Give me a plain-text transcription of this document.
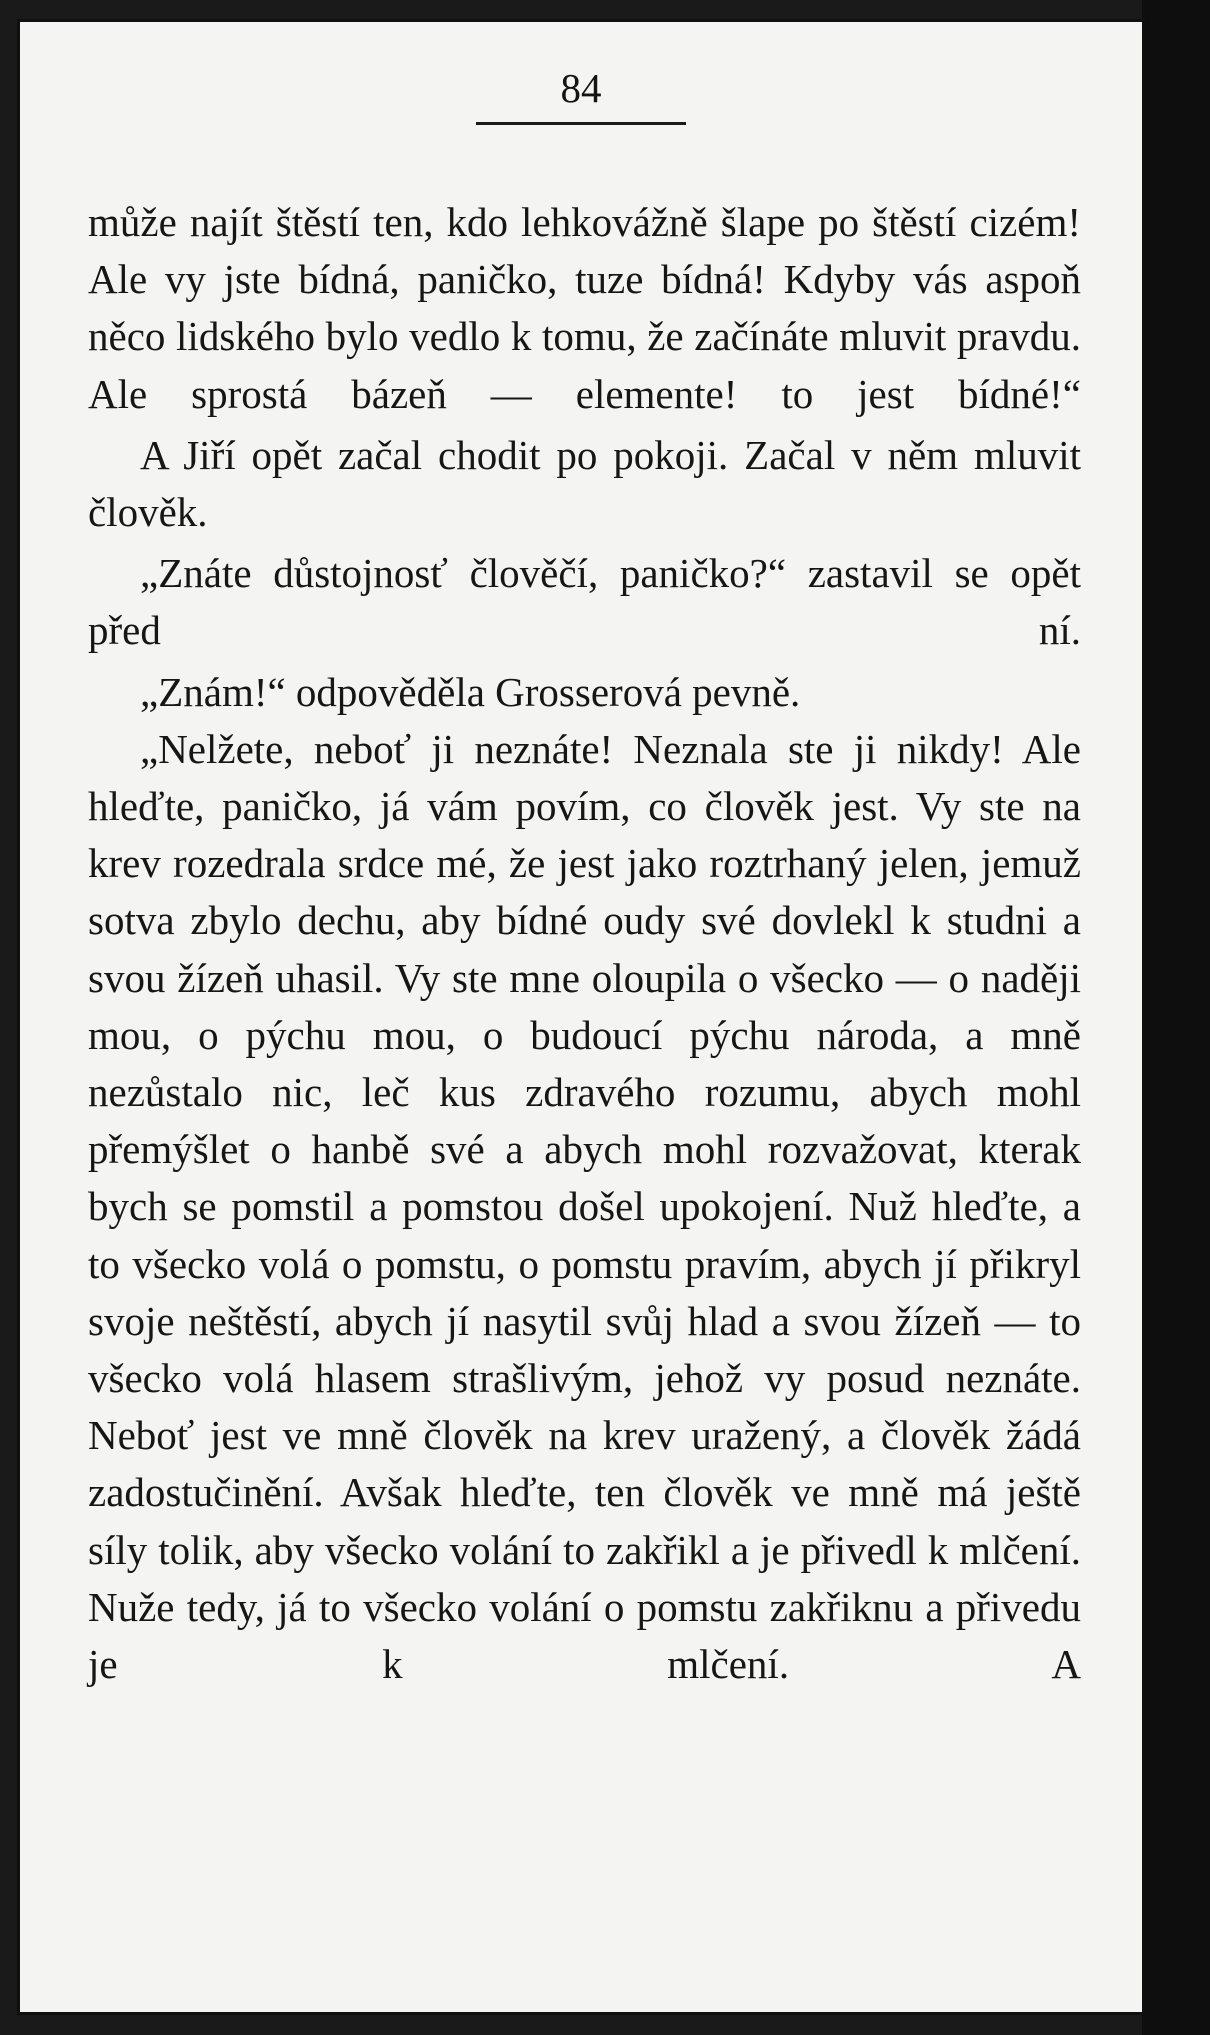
84

může najít štěstí ten, kdo lehkovážně šlape po štěstí cizém! Ale vy jste bídná, paničko, tuze bídná! Kdyby vás aspoň něco lidského bylo vedlo k tomu, že začínáte mluvit pravdu. Ale sprostá bázeň — elemente! to jest bídné!“

A Jiří opět začal chodit po pokoji. Začal v něm mluvit člověk.

„Znáte důstojnosť člověčí, paničko?“ zastavil se opět před ní.

„Znám!“ odpověděla Grosserová pevně.

„Nelžete, neboť ji neznáte! Neznala ste ji nikdy! Ale hleďte, paničko, já vám povím, co člověk jest. Vy ste na krev rozedrala srdce mé, že jest jako roztrhaný jelen, jemuž sotva zbylo dechu, aby bídné oudy své dovlekl k studni a svou žízeň uhasil. Vy ste mne oloupila o všecko — o naději mou, o pýchu mou, o budoucí pýchu národa, a mně nezůstalo nic, leč kus zdravého rozumu, abych mohl přemýšlet o hanbě své a abych mohl rozvažovat, kterak bych se pomstil a pomstou došel upokojení. Nuž hleďte, a to všecko volá o pomstu, o pomstu pravím, abych jí přikryl svoje neštěstí, abych jí nasytil svůj hlad a svou žízeň — to všecko volá hlasem strašlivým, jehož vy posud neznáte. Neboť jest ve mně člověk na krev uražený, a člověk žádá zadostučinění. Avšak hleďte, ten člověk ve mně má ještě síly tolik, aby všecko volání to zakřikl a je přivedl k mlčení. Nuže tedy, já to všecko volání o pomstu zakřiknu a přivedu je k mlčení. A
